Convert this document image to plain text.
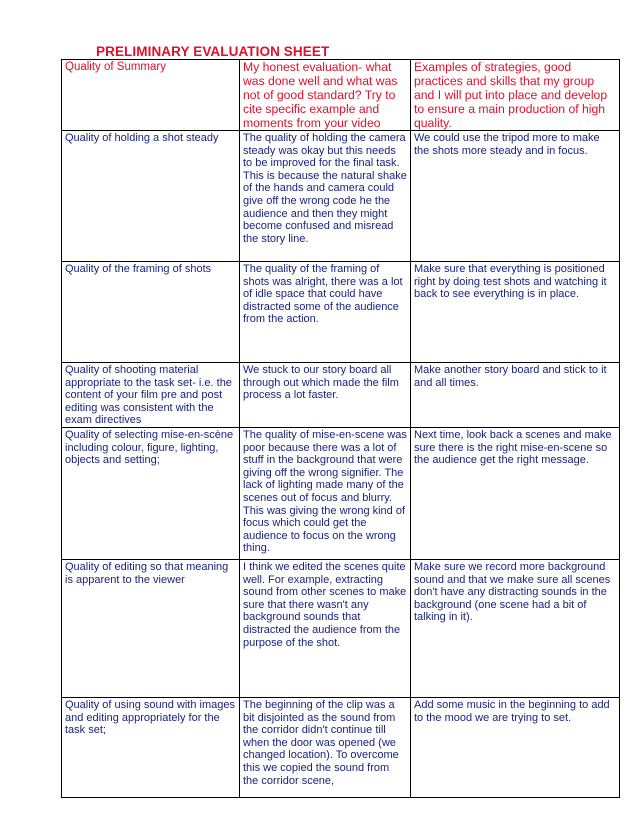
PRELIMINARY EVALUATION SHEET
Quality of Summary	My honest evaluation- what was done well and what was not of good standard? Try to cite specific example and moments from your video	Examples of strategies, good practices and skills that my group and I will put into place and develop to ensure a main production of high quality.

Quality of holding a shot steady	The quality of holding the camera steady was okay but this needs to be improved for the final task. This is because the natural shake of the hands and camera could give off the wrong code he the audience and then they might become confused and misread the story line.	We could use the tripod more to make the shots more steady and in focus.

Quality of the framing of shots	The quality of the framing of shots was alright, there was a lot of idle space that could have distracted some of the audience from the action.	Make sure that everything is positioned right by doing test shots and watching it back to see everything is in place.

Quality of shooting material appropriate to the task set- i.e. the content of your film pre and post editing was consistent with the exam directives	We stuck to our story board all through out which made the film process a lot faster.	Make another story board and stick to it and all times.

Quality of selecting mise-en-scène including colour, figure, lighting, objects and setting;	The quality of mise-en-scene was poor because there was a lot of stuff in the background that were giving off the wrong signifier. The lack of lighting made many of the scenes out of focus and blurry. This was giving the wrong kind of focus which could get the audience to focus on the wrong thing.	Next time, look back a scenes and make sure there is the right mise-en-scene so the audience get the right message.

Quality of editing so that meaning is apparent to the viewer	I think we edited the scenes quite well. For example, extracting sound from other scenes to make sure that there wasn't any background sounds that distracted the audience from the purpose of the shot.	Make sure we record more background sound and that we make sure all scenes don't have any distracting sounds in the background (one scene had a bit of talking in it).

Quality of using sound with images and editing appropriately for the task set;	The beginning of the clip was a bit disjointed as the sound from the corridor didn't continue till when the door was opened (we changed location). To overcome this we copied the sound from the corridor scene,	Add some music in the beginning to add to the mood we are trying to set.
